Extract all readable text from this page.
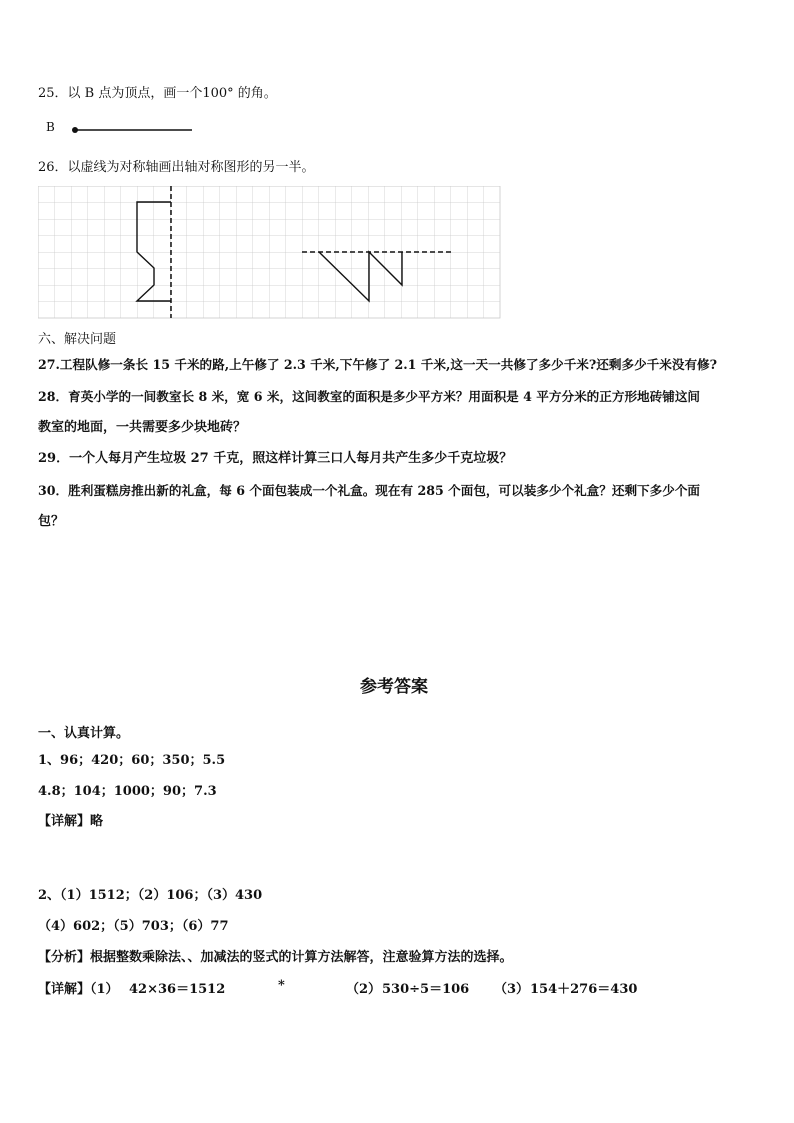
25．以 B 点为顶点，画一个100° 的角。
B
26．以虚线为对称轴画出轴对称图形的另一半。
六、解决问题
27.工程队修一条长 15 千米的路,上午修了 2.3 千米,下午修了 2.1 千米,这一天一共修了多少千米?还剩多少千米没有修?
28．育英小学的一间教室长 8 米，宽 6 米，这间教室的面积是多少平方米？用面积是 4 平方分米的正方形地砖铺这间
教室的地面，一共需要多少块地砖？
29．一个人每月产生垃圾 27 千克，照这样计算三口人每月共产生多少千克垃圾？
30．胜利蛋糕房推出新的礼盒，每 6 个面包装成一个礼盒。现在有 285 个面包，可以装多少个礼盒？还剩下多少个面
包？
参考答案
一、认真计算。
1、96；420；60；350；5.5
4.8；104；1000；90；7.3
【详解】略
2、（1）1512；（2）106；（3）430
（4）602；（5）703；（6）77
【分析】根据整数乘除法、、加减法的竖式的计算方法解答，注意验算方法的选择。
【详解】（1） 42×36＝1512	*	（2） 530÷5＝106 （3） 154＋276＝430
